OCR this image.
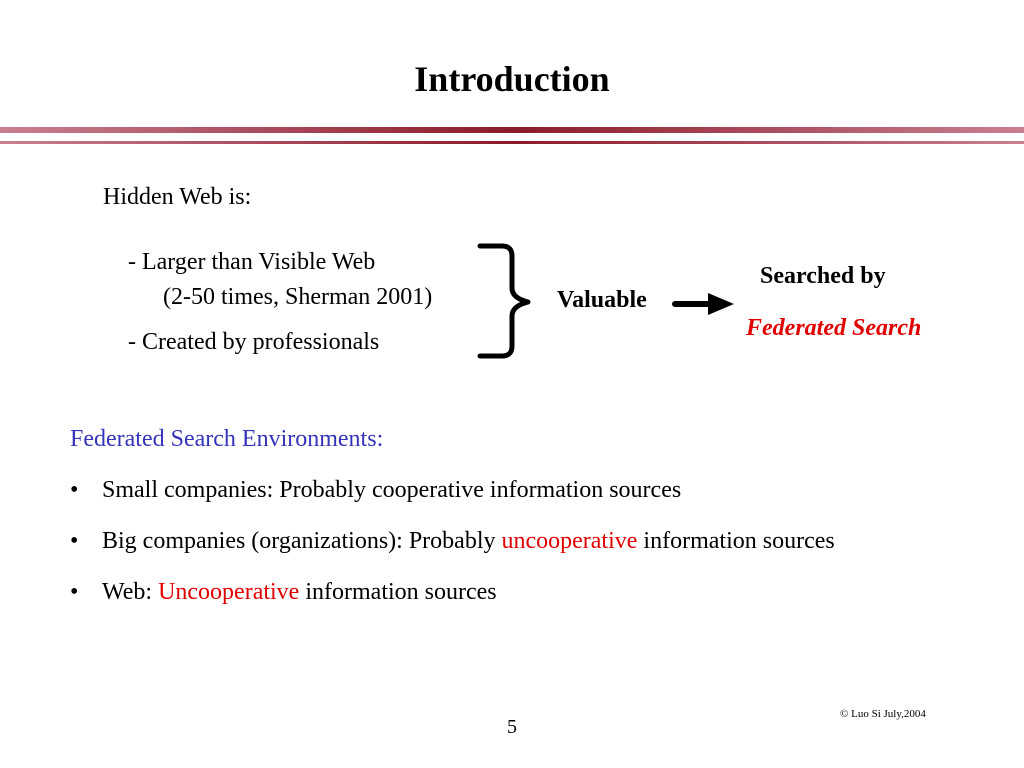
Introduction
Hidden Web is:
- Larger than Visible Web
(2-50 times, Sherman 2001)
- Created by professionals
Valuable
Searched by
Federated Search
Federated Search Environments:
• Small companies: Probably cooperative information sources
• Big companies (organizations): Probably uncooperative information sources
• Web: Uncooperative information sources
© Luo Si July,2004
5
